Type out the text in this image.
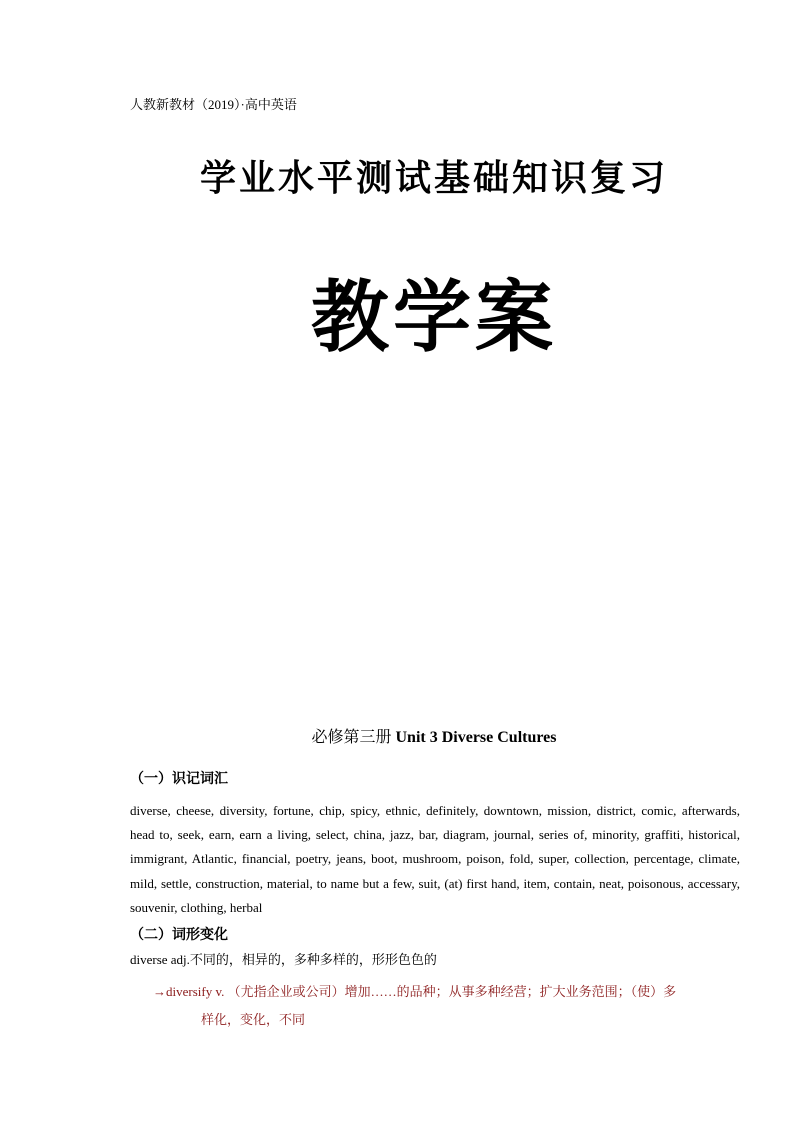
人教新教材（2019）·高中英语
学业水平测试基础知识复习
教学案
必修第三册 Unit 3 Diverse Cultures
（一）识记词汇
diverse, cheese, diversity, fortune, chip, spicy, ethnic, definitely, downtown, mission, district, comic, afterwards, head to, seek, earn, earn a living, select, china, jazz, bar, diagram, journal, series of, minority, graffiti, historical, immigrant, Atlantic, financial, poetry, jeans, boot, mushroom, poison, fold, super, collection, percentage, climate, mild, settle, construction, material, to name but a few, suit, (at) first hand, item, contain, neat, poisonous, accessary, souvenir, clothing, herbal
（二）词形变化
diverse adj.不同的，相异的，多种多样的，形形色色的
→diversify v. （尤指企业或公司）增加……的品种；从事多种经营；扩大业务范围；（使）多
样化，变化，不同
